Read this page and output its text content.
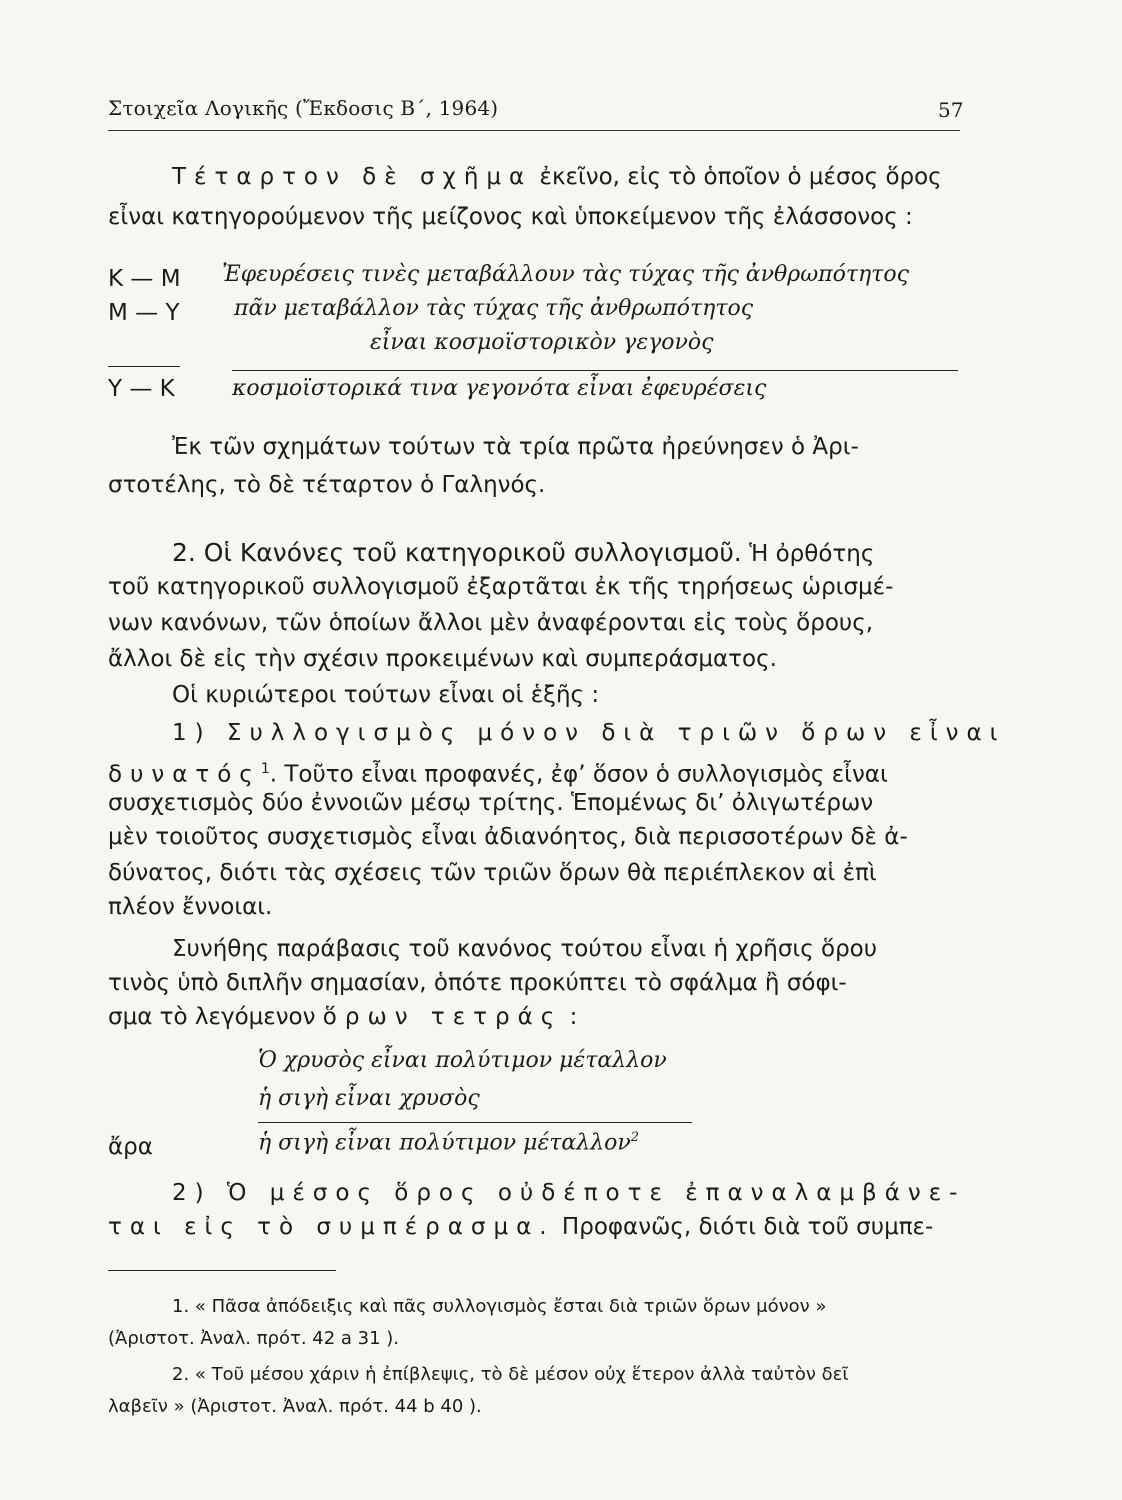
Στοιχεῖα Λογικῆς (Ἔκδοσις Β΄, 1964)	57
Τέταρτον δὲ σχῆμα ἐκεῖνο, εἰς τὸ ὁποῖον ὁ μέσος ὅρος
εἶναι κατηγορούμενον τῆς μείζονος καὶ ὑποκείμενον τῆς ἐλάσσονος :
Κ — Μ Ἐφευρέσεις τινὲς μεταβάλλουν τὰς τύχας τῆς ἀνθρωπότητος
Μ — Υ πᾶν μεταβάλλον τὰς τύχας τῆς ἀνθρωπότητος
εἶναι κοσμοϊστορικὸν γεγονὸς
Υ — Κ	κοσμοϊστορικά τινα γεγονότα εἶναι ἐφευρέσεις
Ἐκ τῶν σχημάτων τούτων τὰ τρία πρῶτα ἠρεύνησεν ὁ Ἀρι-
στοτέλης, τὸ δὲ τέταρτον ὁ Γαληνός.
2. Οἱ Κανόνες τοῦ κατηγορικοῦ συλλογισμοῦ. Ἡ ὀρθότης
τοῦ κατηγορικοῦ συλλογισμοῦ ἐξαρτᾶται ἐκ τῆς τηρήσεως ὡρισμέ-
νων κανόνων, τῶν ὁποίων ἄλλοι μὲν ἀναφέρονται εἰς τοὺς ὅρους,
ἄλλοι δὲ εἰς τὴν σχέσιν προκειμένων καὶ συμπεράσματος.
Οἱ κυριώτεροι τούτων εἶναι οἱ ἑξῆς :
1) Συλλογισμὸς μόνον διὰ τριῶν ὅρων εἶναι
δυνατός$^1$. Τοῦτο εἶναι προφανές, ἐφ’ ὅσον ὁ συλλογισμὸς εἶναι
συσχετισμὸς δύο ἐννοιῶν μέσῳ τρίτης. Ἑπομένως δι’ ὀλιγωτέρων
μὲν τοιοῦτος συσχετισμὸς εἶναι ἀδιανόητος, διὰ περισσοτέρων δὲ ἀ-
δύνατος, διότι τὰς σχέσεις τῶν τριῶν ὅρων θὰ περιέπλεκον αἱ ἐπὶ
πλέον ἔννοιαι.
Συνήθης παράβασις τοῦ κανόνος τούτου εἶναι ἡ χρῆσις ὅρου
τινὸς ὑπὸ διπλῆν σημασίαν, ὁπότε προκύπτει τὸ σφάλμα ἢ σόφι-
σμα τὸ λεγόμενον ὅρων τετράς :
Ὁ χρυσὸς εἶναι πολύτιμον μέταλλον
ἡ σιγὴ εἶναι χρυσὸς
ἄρα	ἡ σιγὴ εἶναι πολύτιμον μέταλλον$^2$
2) Ὁ μέσος ὅρος οὐδέποτε ἐπαναλαμβάνε-
ται εἰς τὸ συμπέρασμα. Προφανῶς, διότι διὰ τοῦ συμπε-
1. « Πᾶσα ἀπόδειξις καὶ πᾶς συλλογισμὸς ἔσται διὰ τριῶν ὅρων μόνον »
(Ἀριστοτ. Ἀναλ. πρότ. 42 a 31 ).
2. « Τοῦ μέσου χάριν ἡ ἐπίβλεψις, τὸ δὲ μέσον οὐχ ἕτερον ἀλλὰ ταὐτὸν δεῖ
λαβεῖν » (Ἀριστοτ. Ἀναλ. πρότ. 44 b 40 ).
